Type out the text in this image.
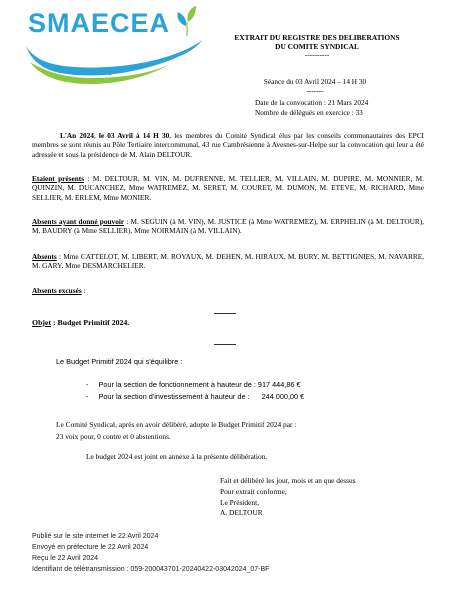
SMAECEA
Syndicat Mixte d'Aménagement et d'Entretien des Cours d'Eau
AVESNOIS
EXTRAIT DU REGISTRE DES DELIBERATIONS
DU COMITE SYNDICAL
----------
Séance du 03 Avril 2024 – 14 H 30
-------
Date de la convocation : 21 Mars 2024
Nombre de délégués en exercice : 33
L'An 2024, le 03 Avril à 14 H 30, les membres du Comité Syndical élus par les conseils communautaires des EPCI membres se sont réunis au Pôle Tertiaire intercommunal, 43 rue Cambrésienne à Avesnes-sur-Helpe sur la convocation qui leur a été adressée et sous la présidence de M. Alain DELTOUR.
Etaient présents : M. DELTOUR, M. VIN, M. DUFRENNE, M. TELLIER, M. VILLAIN, M. DUPIRE, M. MONNIER, M. QUINZIN, M. DUCANCHEZ, Mme WATREMEZ, M. SERET, M. COURET, M. DUMON, M. ETEVE, M. RICHARD, Mme SELLIER, M. ERLEM, Mme MONIER.
Absents ayant donné pouvoir : M. SEGUIN (à M. VIN), M. JUSTICE (à Mme WATREMEZ), M. ERPHELIN (à M. DELTOUR), M. BAUDRY (à Mme SELLIER), Mme NOIRMAIN (à M. VILLAIN).
Absents : Mme CATTELOT, M. LIBERT, M. ROYAUX, M. DEHEN, M. HIRAUX, M. BURY, M. BETTIGNIES, M. NAVARRE, M. GARY, Mme DESMARCHELIER.
Absents excusés :
Objet : Budget Primitif 2024.
Le Budget Primitif 2024 qui s'équilibre :
- Pour la section de fonctionnement à hauteur de : 917 444,86 €
- Pour la section d'investissement à hauteur de : 244 000,00 €
Le Comité Syndical, après en avoir délibéré, adopte le Budget Primitif 2024 par :
23 voix pour, 0 contre et 0 abstentions.
Le budget 2024 est joint en annexe à la présente délibération.
Fait et délibéré les jour, mois et an que dessus
Pour extrait conforme,
Le Président,
A. DELTOUR
Publié sur le site internet le 22 Avril 2024
Envoyé en préfecture le 22 Avril 2024
Reçu le 22 Avril 2024
Identifiant de télétransmission : 059-200043701-20240422-03042024_07-BF
